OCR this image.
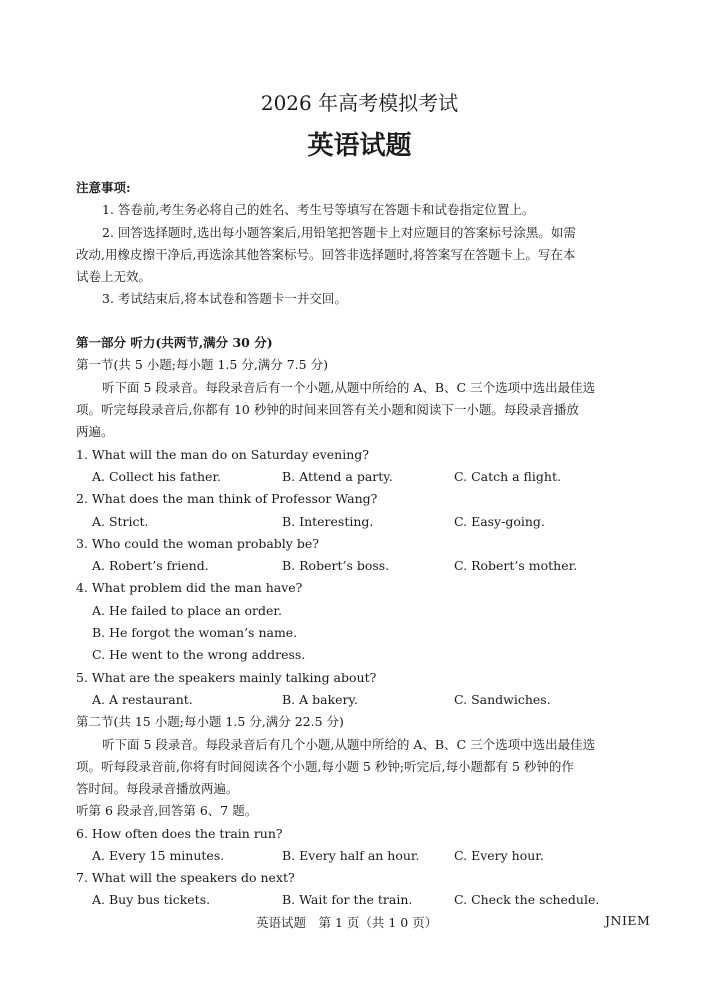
2026 年高考模拟考试
英语试题
注意事项:
1. 答卷前,考生务必将自己的姓名、考生号等填写在答题卡和试卷指定位置上。
2. 回答选择题时,选出每小题答案后,用铅笔把答题卡上对应题目的答案标号涂黑。如需
改动,用橡皮擦干净后,再选涂其他答案标号。回答非选择题时,将答案写在答题卡上。写在本
试卷上无效。
3. 考试结束后,将本试卷和答题卡一并交回。
第一部分 听力(共两节,满分 30 分)
第一节(共 5 小题;每小题 1.5 分,满分 7.5 分)
听下面 5 段录音。每段录音后有一个小题,从题中所给的 A、B、C 三个选项中选出最佳选
项。听完每段录音后,你都有 10 秒钟的时间来回答有关小题和阅读下一小题。每段录音播放
两遍。
1. What will the man do on Saturday evening?
A. Collect his father.	B. Attend a party.	C. Catch a flight.
2. What does the man think of Professor Wang?
A. Strict.	B. Interesting.	C. Easy-going.
3. Who could the woman probably be?
A. Robert’s friend.	B. Robert’s boss.	C. Robert’s mother.
4. What problem did the man have?
A. He failed to place an order.
B. He forgot the woman’s name.
C. He went to the wrong address.
5. What are the speakers mainly talking about?
A. A restaurant.	B. A bakery.	C. Sandwiches.
第二节(共 15 小题;每小题 1.5 分,满分 22.5 分)
听下面 5 段录音。每段录音后有几个小题,从题中所给的 A、B、C 三个选项中选出最佳选
项。听每段录音前,你将有时间阅读各个小题,每小题 5 秒钟;听完后,每小题都有 5 秒钟的作
答时间。每段录音播放两遍。
听第 6 段录音,回答第 6、7 题。
6. How often does the train run?
A. Every 15 minutes.	B. Every half an hour.	C. Every hour.
7. What will the speakers do next?
A. Buy bus tickets.	B. Wait for the train.	C. Check the schedule.
英语试题　第 1 页（共 1 0 页）	JNIEM
